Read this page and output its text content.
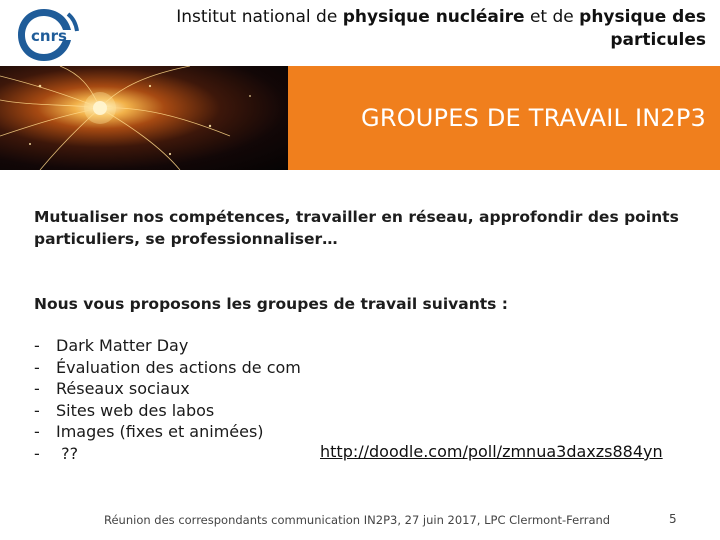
cnrs
Institut national de physique nucléaire et de physique des
particules
GROUPES DE TRAVAIL IN2P3
Mutualiser nos compétences, travailler en réseau, approfondir des points particuliers, se professionnaliser…
Nous vous proposons les groupes de travail suivants :
-	Dark Matter Day
-	Évaluation des actions de com
-	Réseaux sociaux
-	Sites web des labos
-	Images (fixes et animées)
-	??	http://doodle.com/poll/zmnua3daxzs884yn
Réunion des correspondants communication IN2P3, 27 juin 2017, LPC Clermont-Ferrand	5
